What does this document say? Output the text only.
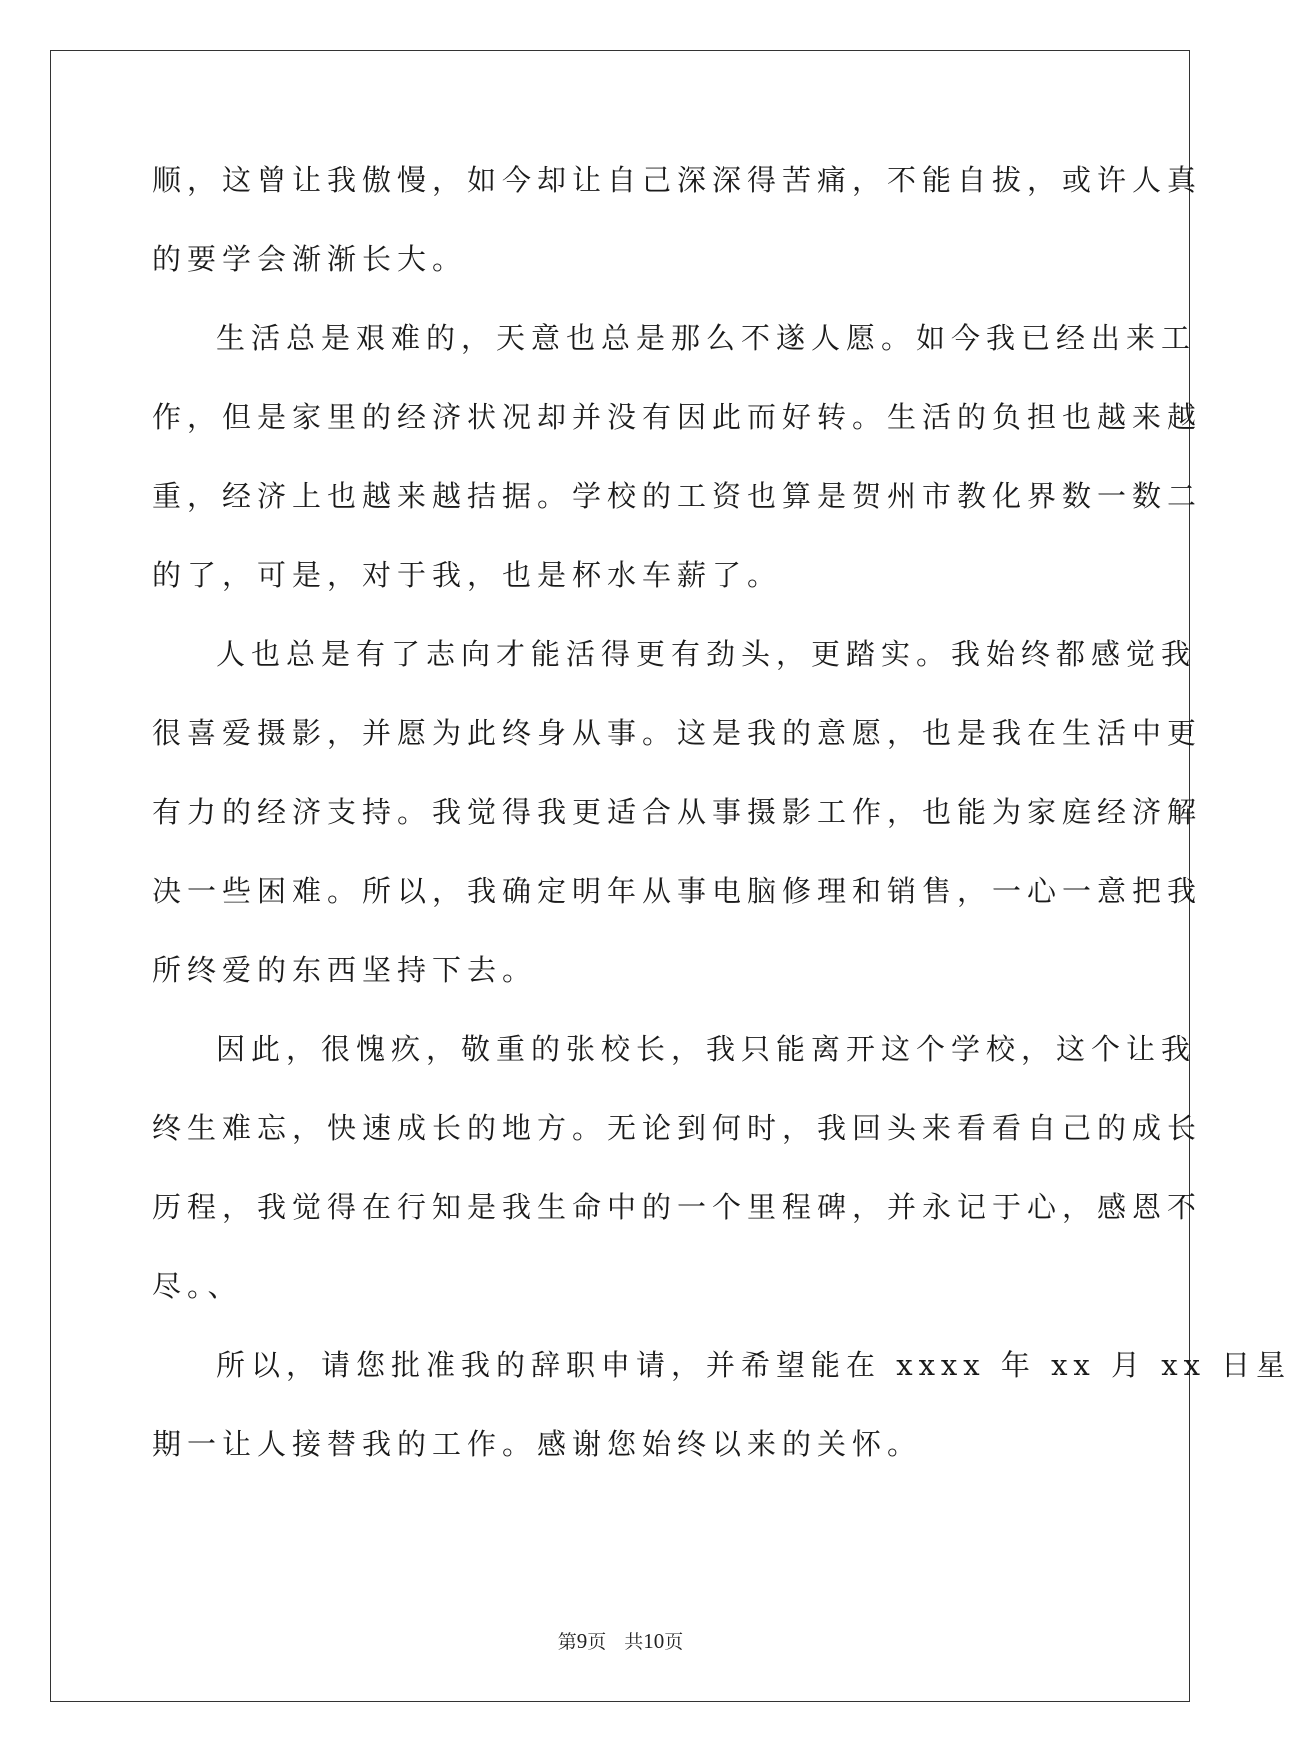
顺，这曾让我傲慢，如今却让自己深深得苦痛，不能自拔，或许人真
的要学会渐渐长大。
生活总是艰难的，天意也总是那么不遂人愿。如今我已经出来工
作，但是家里的经济状况却并没有因此而好转。生活的负担也越来越
重，经济上也越来越拮据。学校的工资也算是贺州市教化界数一数二
的了，可是，对于我，也是杯水车薪了。
人也总是有了志向才能活得更有劲头，更踏实。我始终都感觉我
很喜爱摄影，并愿为此终身从事。这是我的意愿，也是我在生活中更
有力的经济支持。我觉得我更适合从事摄影工作，也能为家庭经济解
决一些困难。所以，我确定明年从事电脑修理和销售，一心一意把我
所终爱的东西坚持下去。
因此，很愧疚，敬重的张校长，我只能离开这个学校，这个让我
终生难忘，快速成长的地方。无论到何时，我回头来看看自己的成长
历程，我觉得在行知是我生命中的一个里程碑，并永记于心，感恩不
尽。、
所以，请您批准我的辞职申请，并希望能在 xxxx 年 xx 月 xx 日星
期一让人接替我的工作。感谢您始终以来的关怀。
第9页 共10页
